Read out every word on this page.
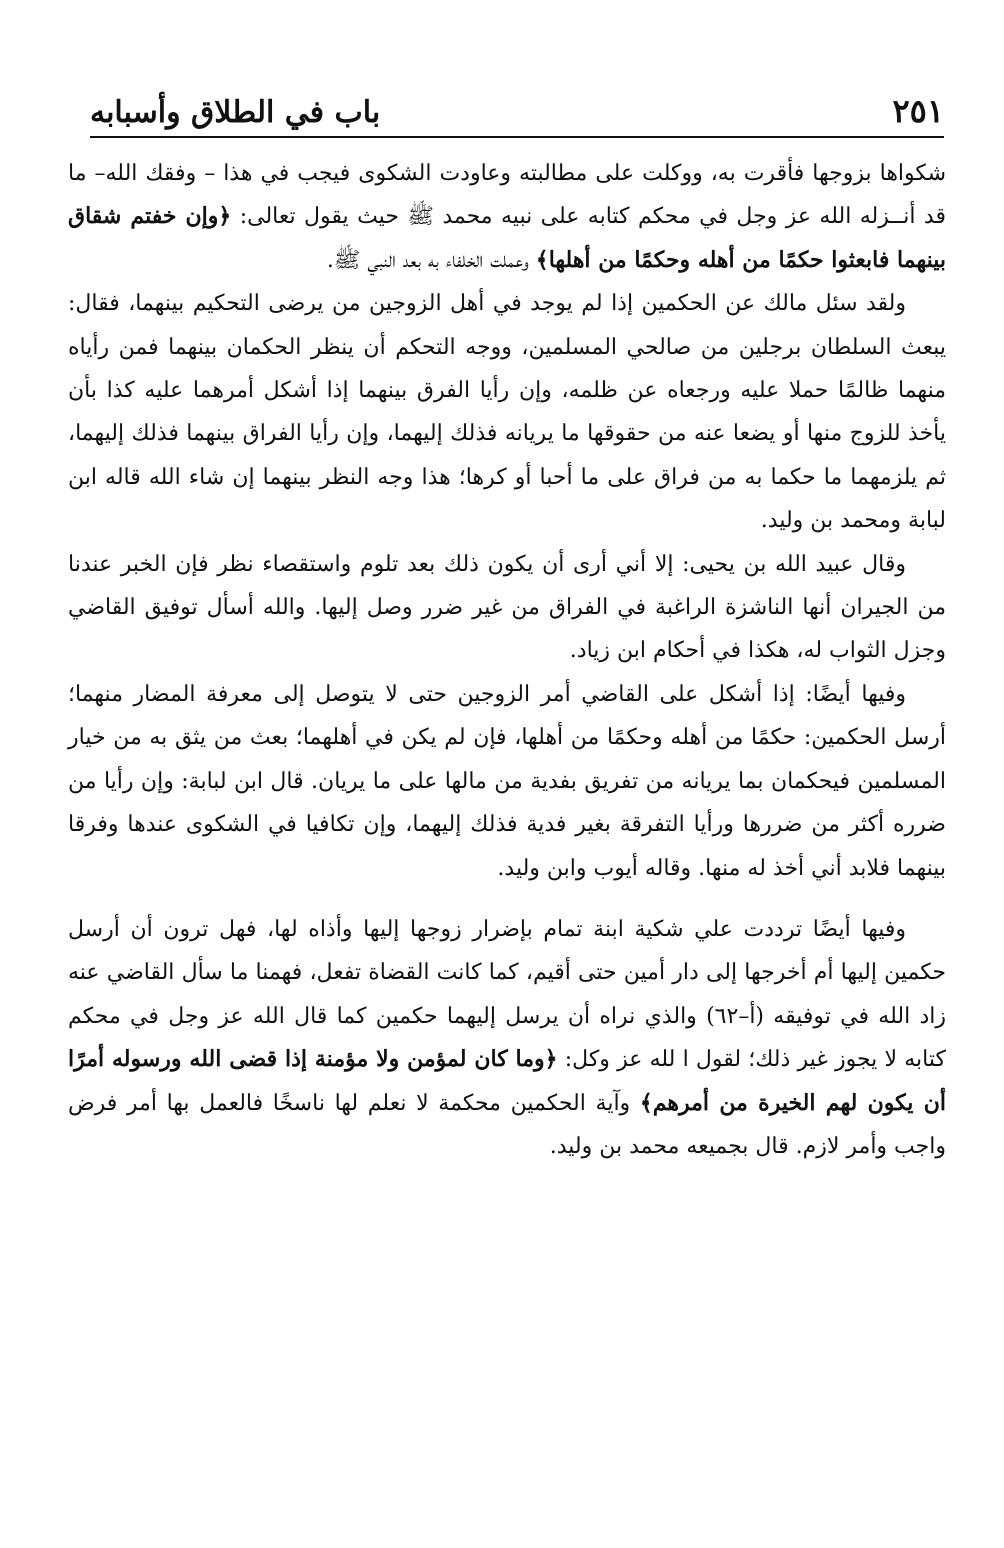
باب في الطلاق وأسبابه	٢٥١

شكواها بزوجها فأقرت به، ووكلت على مطالبته وعاودت الشكوى فيجب في هذا – وفقك الله– ما قد أنــزله الله عز وجل في محكم كتابه على نبيه محمد ﷺ حيث يقول تعالى: ﴿وإن خفتم شقاق بينهما فابعثوا حكمًا من أهله وحكمًا من أهلها﴾ وعملت الخلفاء به بعد النبي ﷺ.

ولقد سئل مالك عن الحكمين إذا لم يوجد في أهل الزوجين من يرضى التحكيم بينهما، فقال: يبعث السلطان برجلين من صالحي المسلمين، ووجه التحكم أن ينظر الحكمان بينهما فمن رأياه منهما ظالمًا حملا عليه ورجعاه عن ظلمه، وإن رأيا الفرق بينهما إذا أشكل أمرهما عليه كذا بأن يأخذ للزوج منها أو يضعا عنه من حقوقها ما يريانه فذلك إليهما، وإن رأيا الفراق بينهما فذلك إليهما، ثم يلزمهما ما حكما به من فراق على ما أحبا أو كرها؛ هذا وجه النظر بينهما إن شاء الله قاله ابن لبابة ومحمد بن وليد.

وقال عبيد الله بن يحيى: إلا أني أرى أن يكون ذلك بعد تلوم واستقصاء نظر فإن الخبر عندنا من الجيران أنها الناشزة الراغبة في الفراق من غير ضرر وصل إليها. والله أسأل توفيق القاضي وجزل الثواب له، هكذا في أحكام ابن زياد.

وفيها أيضًا: إذا أشكل على القاضي أمر الزوجين حتى لا يتوصل إلى معرفة المضار منهما؛ أرسل الحكمين: حكمًا من أهله وحكمًا من أهلها، فإن لم يكن في أهلهما؛ بعث من يثق به من خيار المسلمين فيحكمان بما يريانه من تفريق بفدية من مالها على ما يريان. قال ابن لبابة: وإن رأيا من ضرره أكثر من ضررها ورأيا التفرقة بغير فدية فذلك إليهما، وإن تكافيا في الشكوى عندها وفرقا بينهما فلابد أني أخذ له منها. وقاله أيوب وابن وليد.

وفيها أيضًا ترددت علي شكية ابنة تمام بإضرار زوجها إليها وأذاه لها، فهل ترون أن أرسل حكمين إليها أم أخرجها إلى دار أمين حتى أقيم، كما كانت القضاة تفعل، فهمنا ما سأل القاضي عنه زاد الله في توفيقه (أ–٦٢) والذي نراه أن يرسل إليهما حكمين كما قال الله عز وجل في محكم كتابه لا يجوز غير ذلك؛ لقول ا لله عز وكل: ﴿وما كان لمؤمن ولا مؤمنة إذا قضى الله ورسوله أمرًا أن يكون لهم الخيرة من أمرهم﴾ وآية الحكمين محكمة لا نعلم لها ناسخًا فالعمل بها أمر فرض واجب وأمر لازم. قال بجميعه محمد بن وليد.
